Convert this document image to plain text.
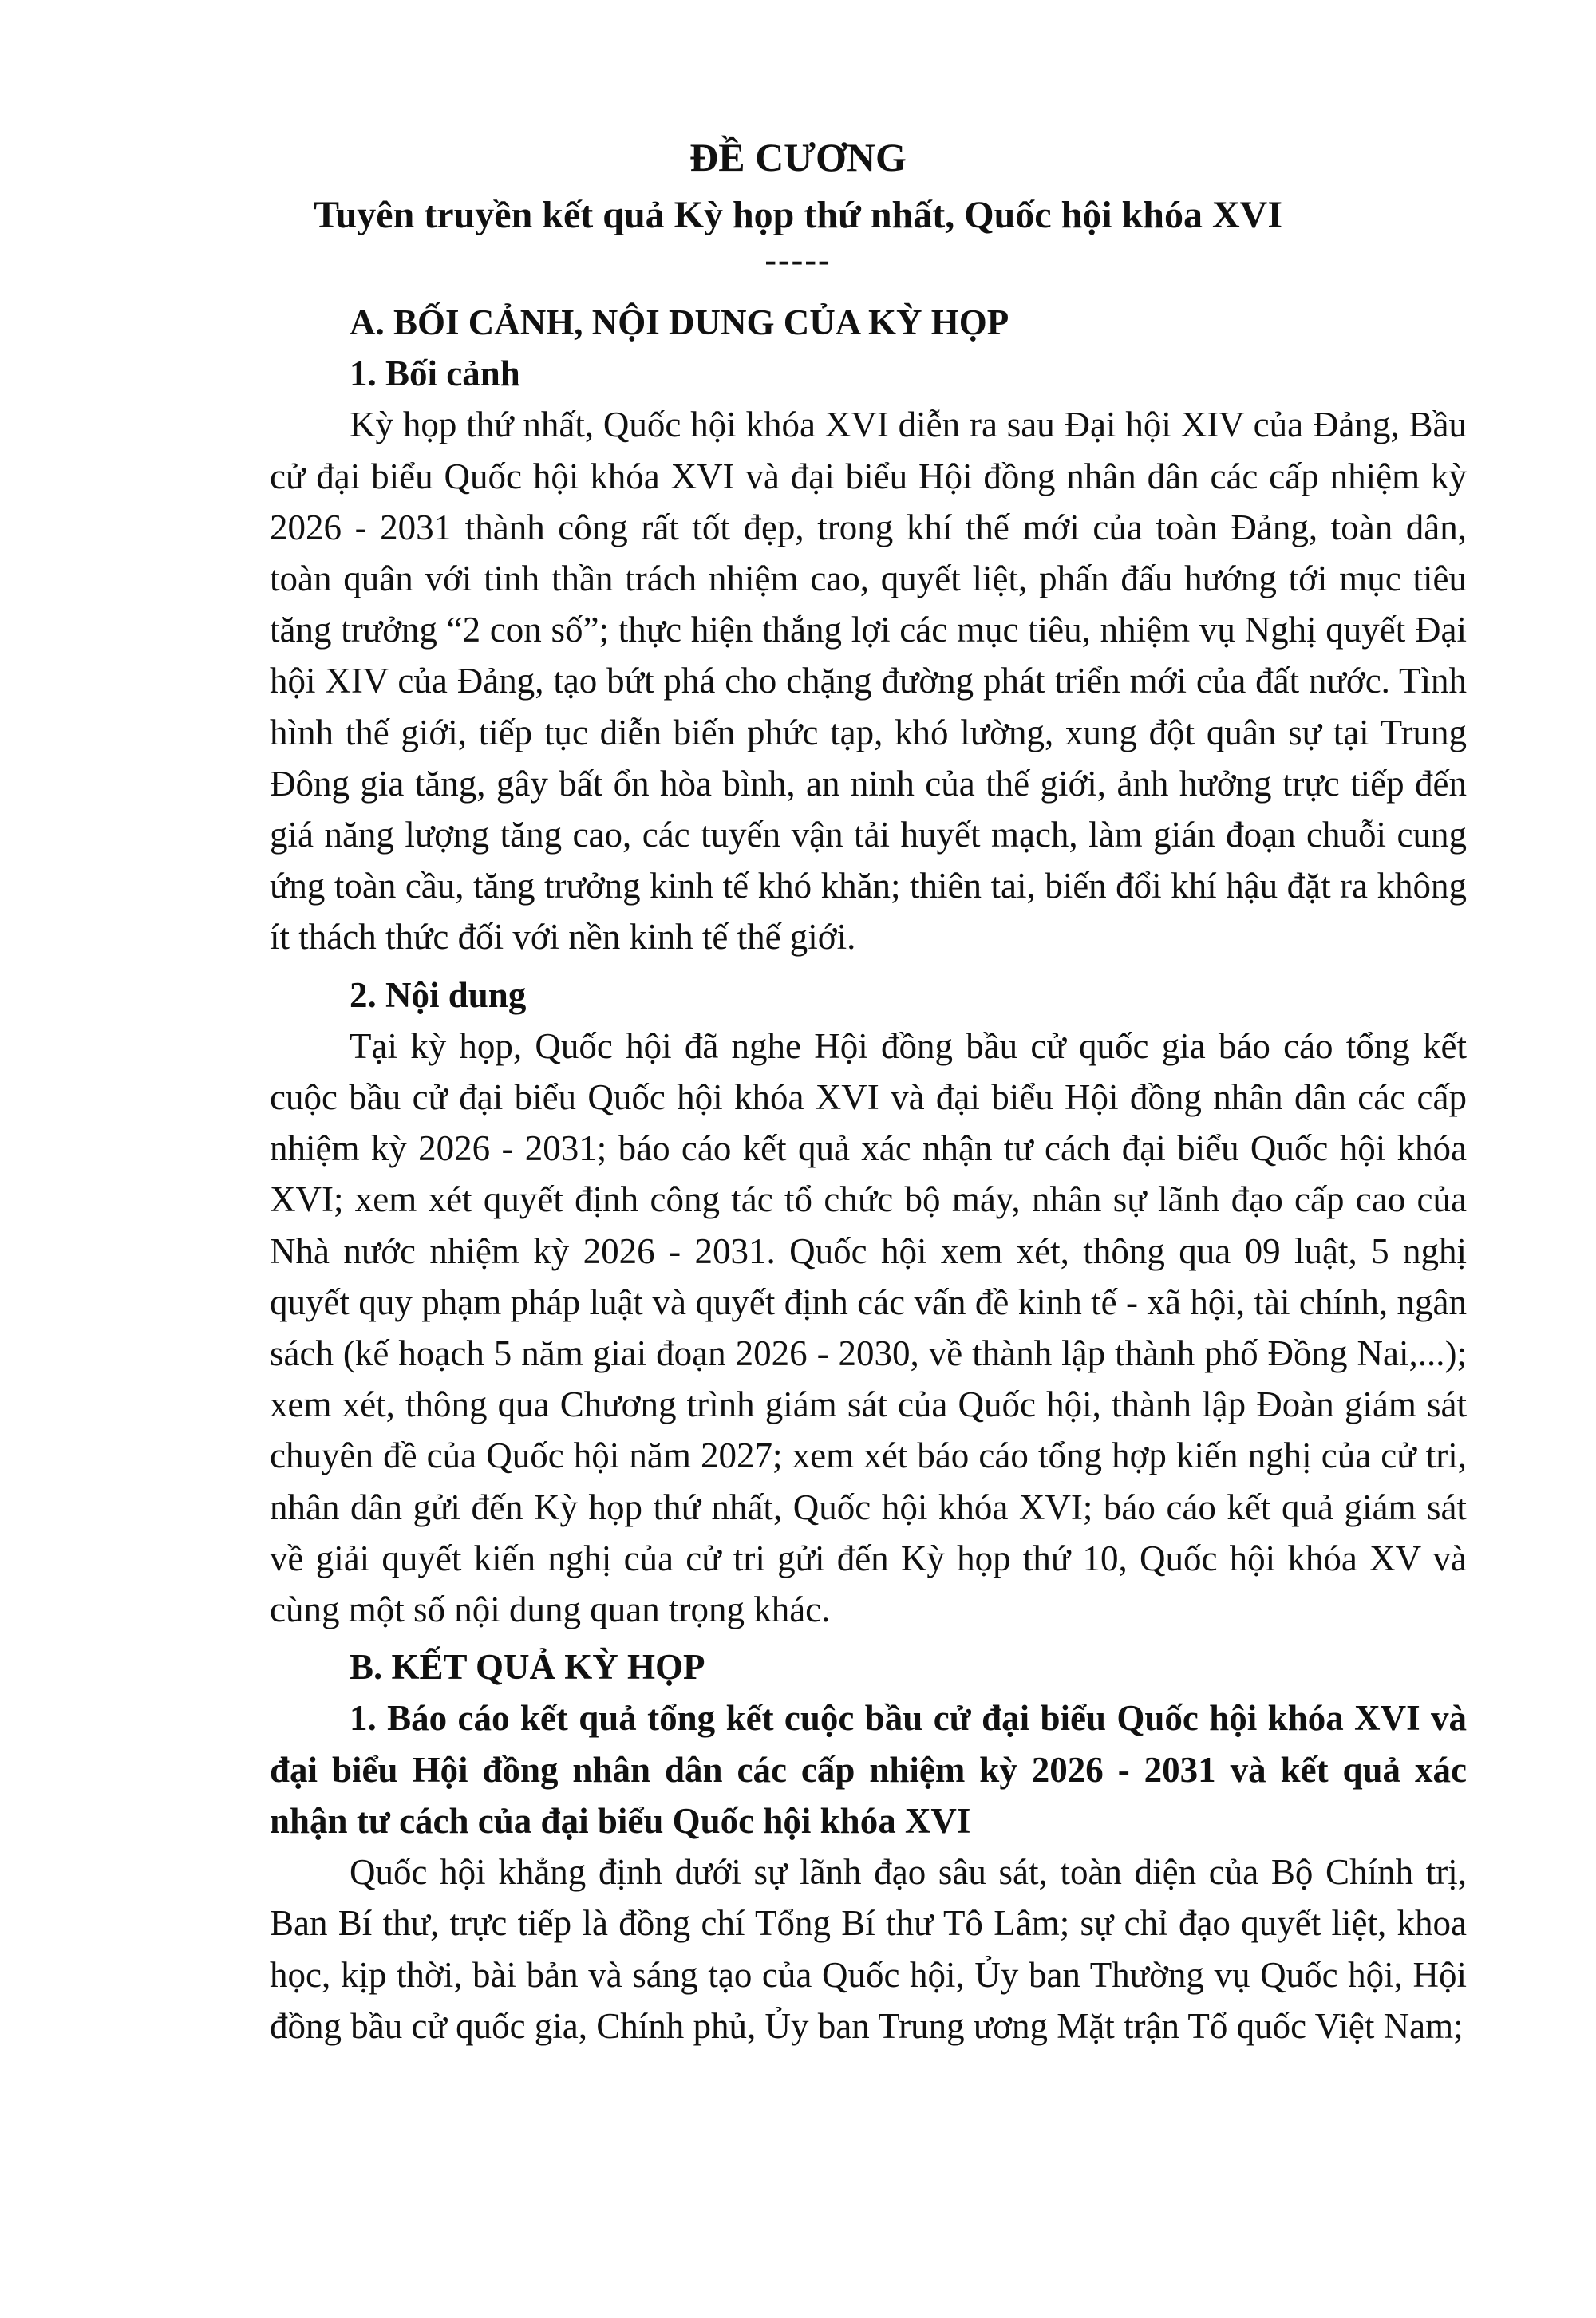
ĐỀ CƯƠNG
Tuyên truyền kết quả Kỳ họp thứ nhất, Quốc hội khóa XVI
-----

A. BỐI CẢNH, NỘI DUNG CỦA KỲ HỌP

1. Bối cảnh

Kỳ họp thứ nhất, Quốc hội khóa XVI diễn ra sau Đại hội XIV của Đảng, Bầu cử đại biểu Quốc hội khóa XVI và đại biểu Hội đồng nhân dân các cấp nhiệm kỳ 2026 - 2031 thành công rất tốt đẹp, trong khí thế mới của toàn Đảng, toàn dân, toàn quân với tinh thần trách nhiệm cao, quyết liệt, phấn đấu hướng tới mục tiêu tăng trưởng “2 con số”; thực hiện thắng lợi các mục tiêu, nhiệm vụ Nghị quyết Đại hội XIV của Đảng, tạo bứt phá cho chặng đường phát triển mới của đất nước. Tình hình thế giới, tiếp tục diễn biến phức tạp, khó lường, xung đột quân sự tại Trung Đông gia tăng, gây bất ổn hòa bình, an ninh của thế giới, ảnh hưởng trực tiếp đến giá năng lượng tăng cao, các tuyến vận tải huyết mạch, làm gián đoạn chuỗi cung ứng toàn cầu, tăng trưởng kinh tế khó khăn; thiên tai, biến đổi khí hậu đặt ra không ít thách thức đối với nền kinh tế thế giới.

2. Nội dung

Tại kỳ họp, Quốc hội đã nghe Hội đồng bầu cử quốc gia báo cáo tổng kết cuộc bầu cử đại biểu Quốc hội khóa XVI và đại biểu Hội đồng nhân dân các cấp nhiệm kỳ 2026 - 2031; báo cáo kết quả xác nhận tư cách đại biểu Quốc hội khóa XVI; xem xét quyết định công tác tổ chức bộ máy, nhân sự lãnh đạo cấp cao của Nhà nước nhiệm kỳ 2026 - 2031. Quốc hội xem xét, thông qua 09 luật, 5 nghị quyết quy phạm pháp luật và quyết định các vấn đề kinh tế - xã hội, tài chính, ngân sách (kế hoạch 5 năm giai đoạn 2026 - 2030, về thành lập thành phố Đồng Nai,...); xem xét, thông qua Chương trình giám sát của Quốc hội, thành lập Đoàn giám sát chuyên đề của Quốc hội năm 2027; xem xét báo cáo tổng hợp kiến nghị của cử tri, nhân dân gửi đến Kỳ họp thứ nhất, Quốc hội khóa XVI; báo cáo kết quả giám sát về giải quyết kiến nghị của cử tri gửi đến Kỳ họp thứ 10, Quốc hội khóa XV và cùng một số nội dung quan trọng khác.

B. KẾT QUẢ KỲ HỌP

1. Báo cáo kết quả tổng kết cuộc bầu cử đại biểu Quốc hội khóa XVI và đại biểu Hội đồng nhân dân các cấp nhiệm kỳ 2026 - 2031 và kết quả xác nhận tư cách của đại biểu Quốc hội khóa XVI

Quốc hội khẳng định dưới sự lãnh đạo sâu sát, toàn diện của Bộ Chính trị, Ban Bí thư, trực tiếp là đồng chí Tổng Bí thư Tô Lâm; sự chỉ đạo quyết liệt, khoa học, kịp thời, bài bản và sáng tạo của Quốc hội, Ủy ban Thường vụ Quốc hội, Hội đồng bầu cử quốc gia, Chính phủ, Ủy ban Trung ương Mặt trận Tổ quốc Việt Nam;
